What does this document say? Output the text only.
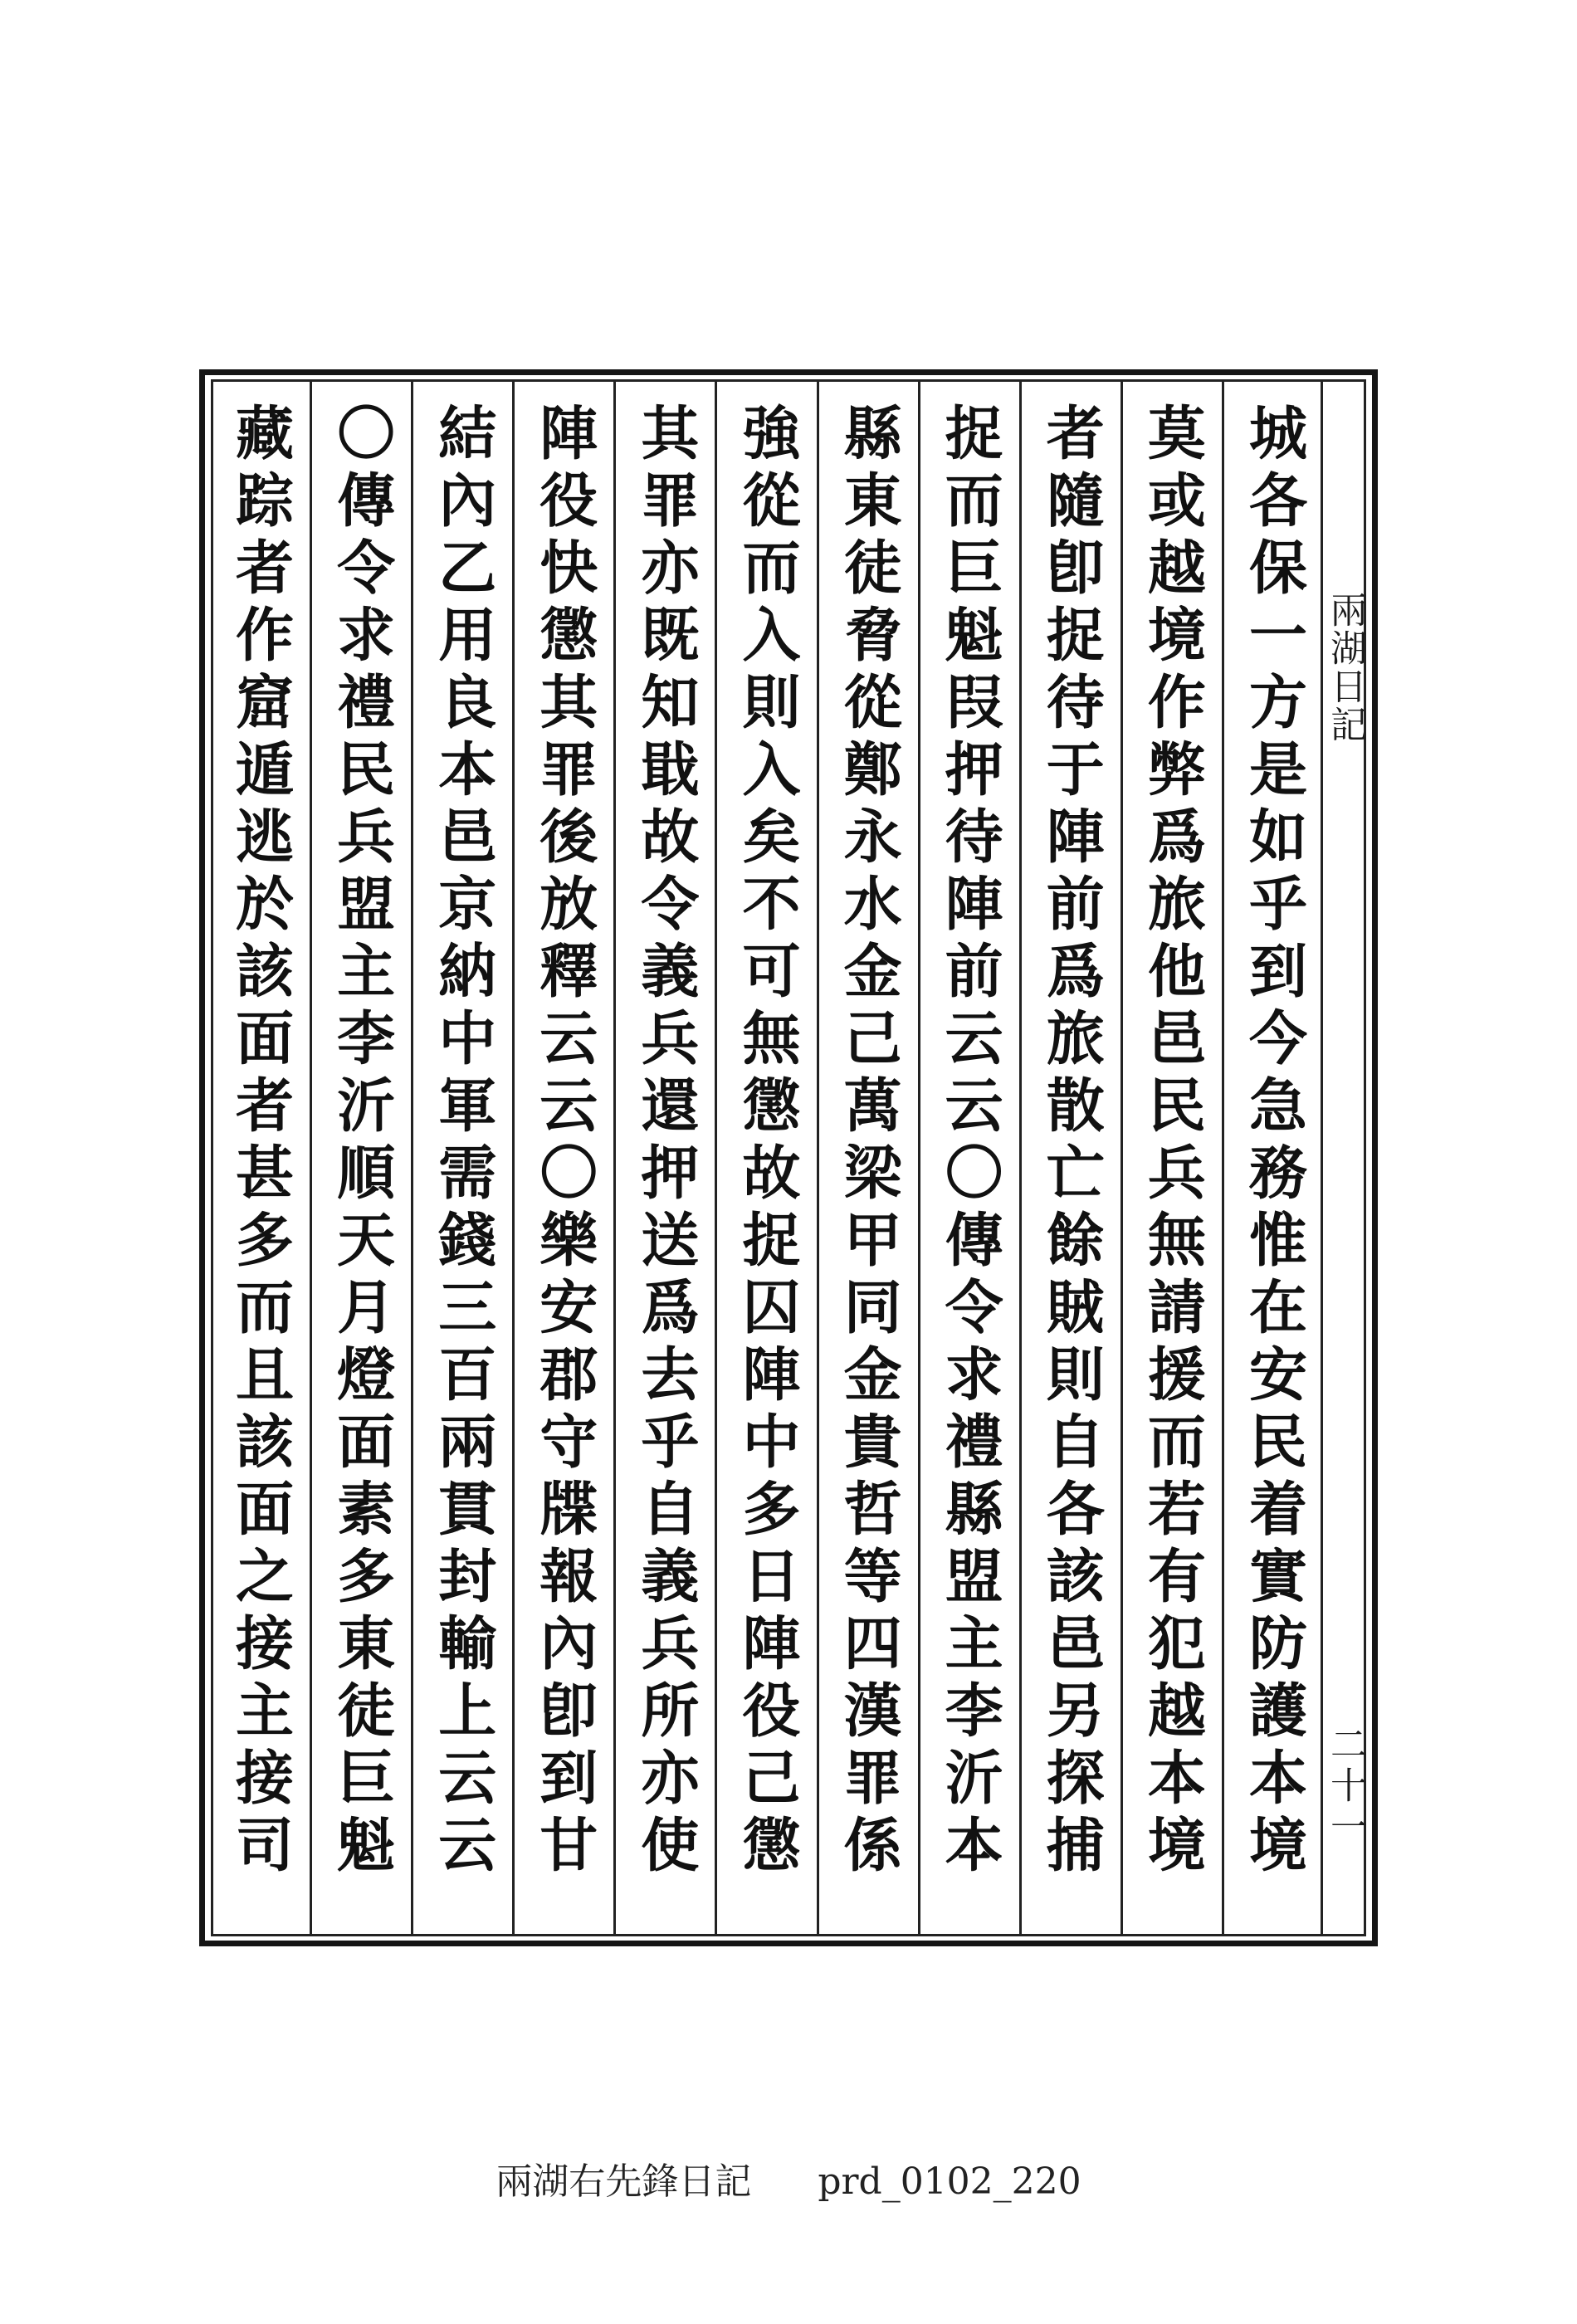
兩湖日記
二十一
城各保一方是如乎到今急務惟在安民着實防護本境
莫或越境作弊爲旅他邑民兵無請援而若有犯越本境
者隨卽捉待于陣前爲旅散亡餘賊則自各該邑另探捕
捉而巨魁叚押待陣前云云〇傳令求禮縣盟主李沂本
縣東徒脅從鄭永水金己萬梁甲同金貴哲等四漢罪係
強從而入則入矣不可無懲故捉囚陣中多日陣役己懲
其罪亦既知戢故令義兵還押送爲去乎自義兵所亦使
陣役快懲其罪後放釋云云〇樂安郡守牒報內卽到甘
結內乙用良本邑京納中軍需錢三百兩貫封輸上云云
〇傳令求禮民兵盟主李沂順天月燈面素多東徒巨魁
藏踪者作窟遁逃於該面者甚多而且該面之接主接司
兩湖右先鋒日記 prd_0102_220
